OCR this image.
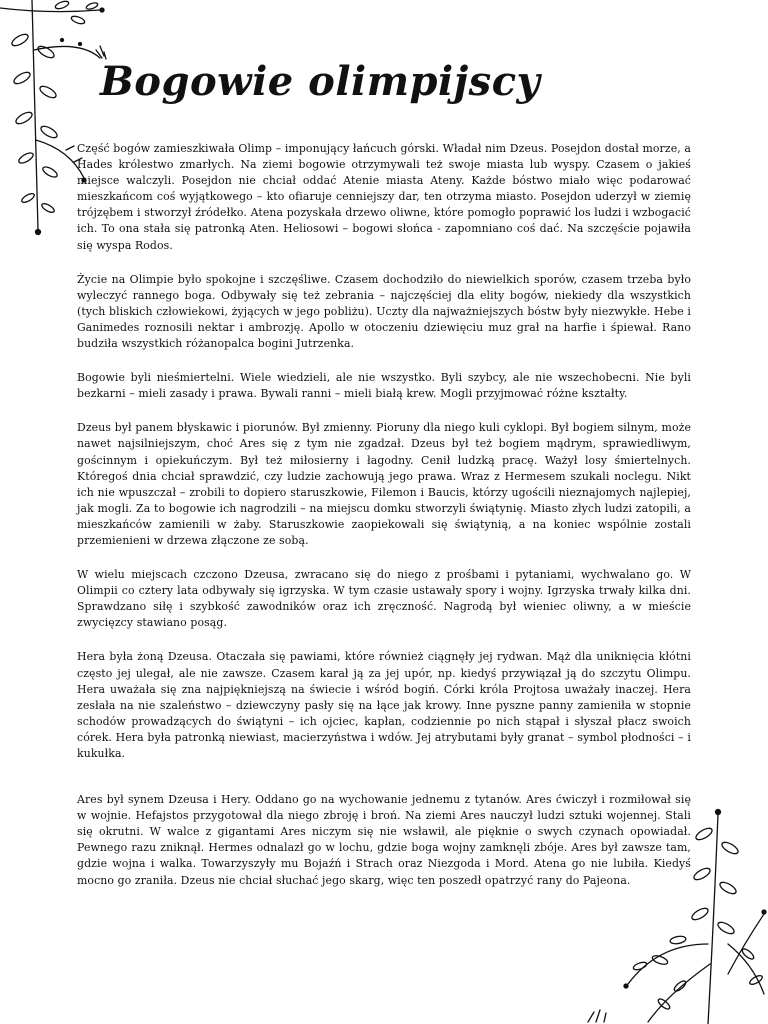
Bogowie olimpijscy

Część bogów zamieszkiwała Olimp – imponujący łańcuch górski. Władał nim Dzeus. Posejdon dostał morze, a Hades królestwo zmarłych. Na ziemi bogowie otrzymywali też swoje miasta lub wyspy. Czasem o jakieś miejsce walczyli. Posejdon nie chciał oddać Atenie miasta Ateny. Każde bóstwo miało więc podarować mieszkańcom coś wyjątkowego – kto ofiaruje cenniejszy dar, ten otrzyma miasto. Posejdon uderzył w ziemię trójzębem i stworzył źródełko. Atena pozyskała drzewo oliwne, które pomogło poprawić los ludzi i wzbogacić ich. To ona stała się patronką Aten. Heliosowi – bogowi słońca - zapomniano coś dać. Na szczęście pojawiła się wyspa Rodos.

Życie na Olimpie było spokojne i szczęśliwe. Czasem dochodziło do niewielkich sporów, czasem trzeba było wyleczyć rannego boga. Odbywały się też zebrania – najczęściej dla elity bogów, niekiedy dla wszystkich (tych bliskich człowiekowi, żyjących w jego pobliżu). Uczty dla najważniejszych bóstw były niezwykłe. Hebe i Ganimedes roznosili nektar i ambrozję. Apollo w otoczeniu dziewięciu muz grał na harfie i śpiewał. Rano budziła wszystkich różanopalca bogini Jutrzenka.

Bogowie byli nieśmiertelni. Wiele wiedzieli, ale nie wszystko. Byli szybcy, ale nie wszechobecni. Nie byli bezkarni – mieli zasady i prawa. Bywali ranni – mieli białą krew. Mogli przyjmować różne kształty.

Dzeus był panem błyskawic i piorunów. Był zmienny. Pioruny dla niego kuli cyklopi. Był bogiem silnym, może nawet najsilniejszym, choć Ares się z tym nie zgadzał. Dzeus był też bogiem mądrym, sprawiedliwym, gościnnym i opiekuńczym. Był też miłosierny i łagodny. Cenił ludzką pracę. Ważył losy śmiertelnych. Któregoś dnia chciał sprawdzić, czy ludzie zachowują jego prawa. Wraz z Hermesem szukali noclegu. Nikt ich nie wpuszczał – zrobili to dopiero staruszkowie, Filemon i Baucis, którzy ugościli nieznajomych najlepiej, jak mogli. Za to bogowie ich nagrodzili – na miejscu domku stworzyli świątynię. Miasto złych ludzi zatopili, a mieszkańców zamienili w żaby. Staruszkowie zaopiekowali się świątynią, a na koniec wspólnie zostali przemienieni w drzewa złączone ze sobą.

W wielu miejscach czczono Dzeusa, zwracano się do niego z prośbami i pytaniami, wychwalano go. W Olimpii co cztery lata odbywały się igrzyska. W tym czasie ustawały spory i wojny. Igrzyska trwały kilka dni. Sprawdzano siłę i szybkość zawodników oraz ich zręczność. Nagrodą był wieniec oliwny, a w mieście zwycięzcy stawiano posąg.

Hera była żoną Dzeusa. Otaczała się pawiami, które również ciągnęły jej rydwan. Mąż dla uniknięcia kłótni często jej ulegał, ale nie zawsze. Czasem karał ją za jej upór, np. kiedyś przywiązał ją do szczytu Olimpu. Hera uważała się zna najpiękniejszą na świecie i wśród bogiń. Córki króla Projtosa uważały inaczej. Hera zesłała na nie szaleństwo – dziewczyny pasły się na łące jak krowy. Inne pyszne panny zamieniła w stopnie schodów prowadzących do świątyni – ich ojciec, kapłan, codziennie po nich stąpał i słyszał płacz swoich córek. Hera była patronką niewiast, macierzyństwa i wdów. Jej atrybutami były granat – symbol płodności – i kukułka.

Ares był synem Dzeusa i Hery. Oddano go na wychowanie jednemu z tytanów. Ares ćwiczył i rozmiłował się w wojnie. Hefajstos przygotował dla niego zbroję i broń. Na ziemi Ares nauczył ludzi sztuki wojennej. Stali się okrutni. W walce z gigantami Ares niczym się nie wsławił, ale pięknie o swych czynach opowiadał. Pewnego razu zniknął. Hermes odnalazł go w lochu, gdzie boga wojny zamknęli zbóje. Ares był zawsze tam, gdzie wojna i walka. Towarzyszyły mu Bojaźń i Strach oraz Niezgoda i Mord. Atena go nie lubiła. Kiedyś mocno go zraniła. Dzeus nie chciał słuchać jego skarg, więc ten poszedł opatrzyć rany do Pajeona.
